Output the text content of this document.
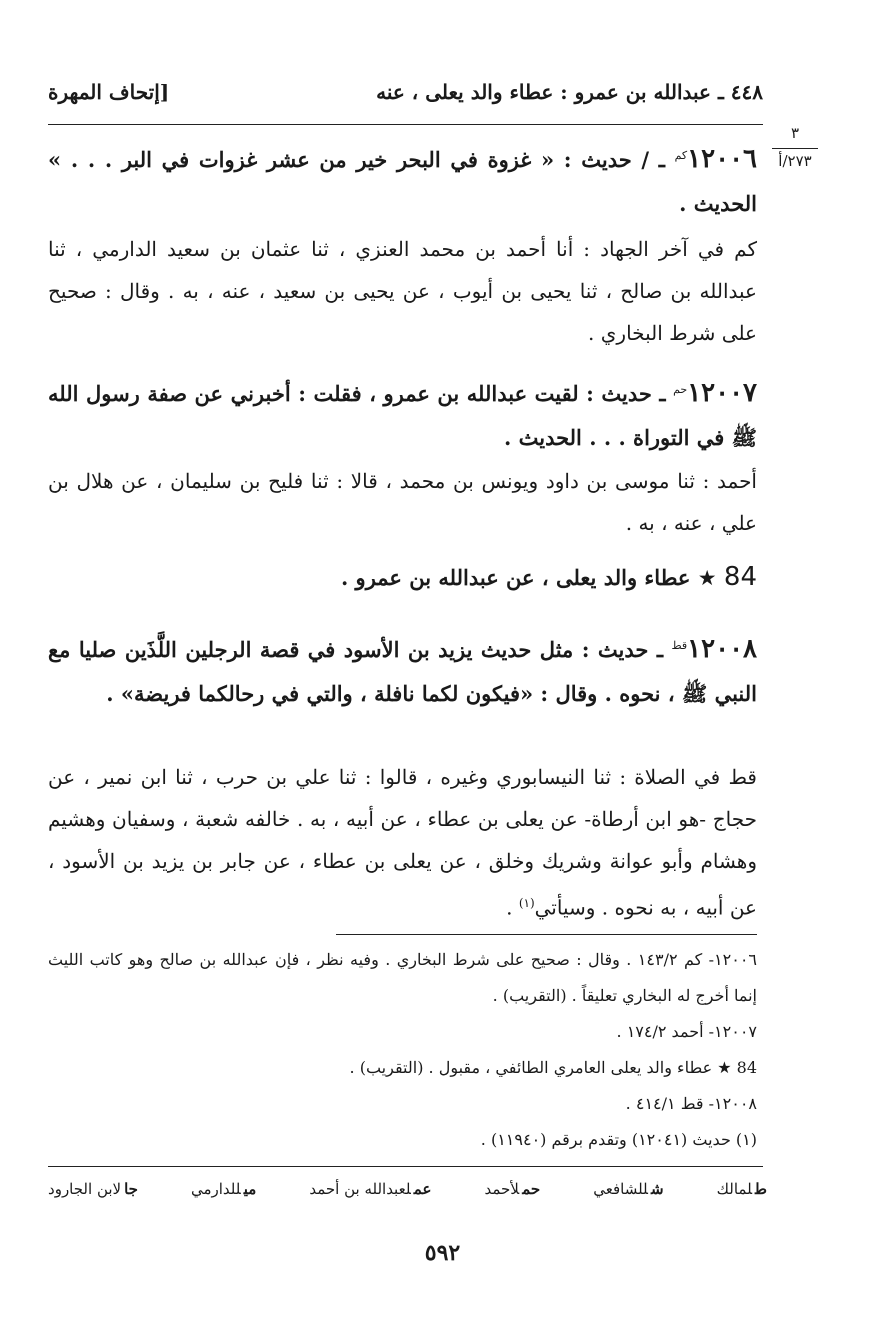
٤٤٨ ـ عبدالله بن عمرو : عطاء والد يعلى ، عنه
[إتحاف المهرة
٣
٢٧٣/أ
$١٢٠٠٦^{كم}$ ـ / حديث : « غزوة في البحر خير من عشر غزوات في البر . . . » الحديث .
كم في آخر الجهاد : أنا أحمد بن محمد العنزي ، ثنا عثمان بن سعيد الدارمي ، ثنا عبدالله بن صالح ، ثنا يحيى بن أيوب ، عن يحيى بن سعيد ، عنه ، به . وقال : صحيح على شرط البخاري .
$١٢٠٠٧^{حم}$ ـ حديث : لقيت عبدالله بن عمرو ، فقلت : أخبرني عن صفة رسول الله ﷺ في التوراة . . . الحديث .
أحمد : ثنا موسى بن داود ويونس بن محمد ، قالا : ثنا فليح بن سليمان ، عن هلال بن علي ، عنه ، به .
84 ★ عطاء والد يعلى ، عن عبدالله بن عمرو .
$١٢٠٠٨^{قط}$ ـ حديث : مثل حديث يزيد بن الأسود في قصة الرجلين اللَّذَين صليا مع النبي ﷺ ، نحوه . وقال : «فيكون لكما نافلة ، والتي في رحالكما فريضة» .
قط في الصلاة : ثنا النيسابوري وغيره ، قالوا : ثنا علي بن حرب ، ثنا ابن نمير ، عن حجاج -هو ابن أرطاة- عن يعلى بن عطاء ، عن أبيه ، به . خالفه شعبة ، وسفيان وهشيم وهشام وأبو عوانة وشريك وخلق ، عن يعلى بن عطاء ، عن جابر بن يزيد بن الأسود ، عن أبيه ، به نحوه . وسيأتي$^{(١)}$ .
١٢٠٠٦- كم ١٤٣/٢ . وقال : صحيح على شرط البخاري . وفيه نظر ، فإن عبدالله بن صالح وهو كاتب الليث إنما أخرج له البخاري تعليقاً . (التقريب) .
١٢٠٠٧- أحمد ١٧٤/٢ .
84 ★ عطاء والد يعلى العامري الطائفي ، مقبول . (التقريب) .
١٢٠٠٨- قط ٤١٤/١ .
(١) حديث (١٢٠٤١) وتقدم برقم (١١٩٤٠) .
طلمالك
شللشافعي
حملأحمد
عملعبدالله بن أحمد
ميللدارمي
جالابن الجارود
٥٩٢
